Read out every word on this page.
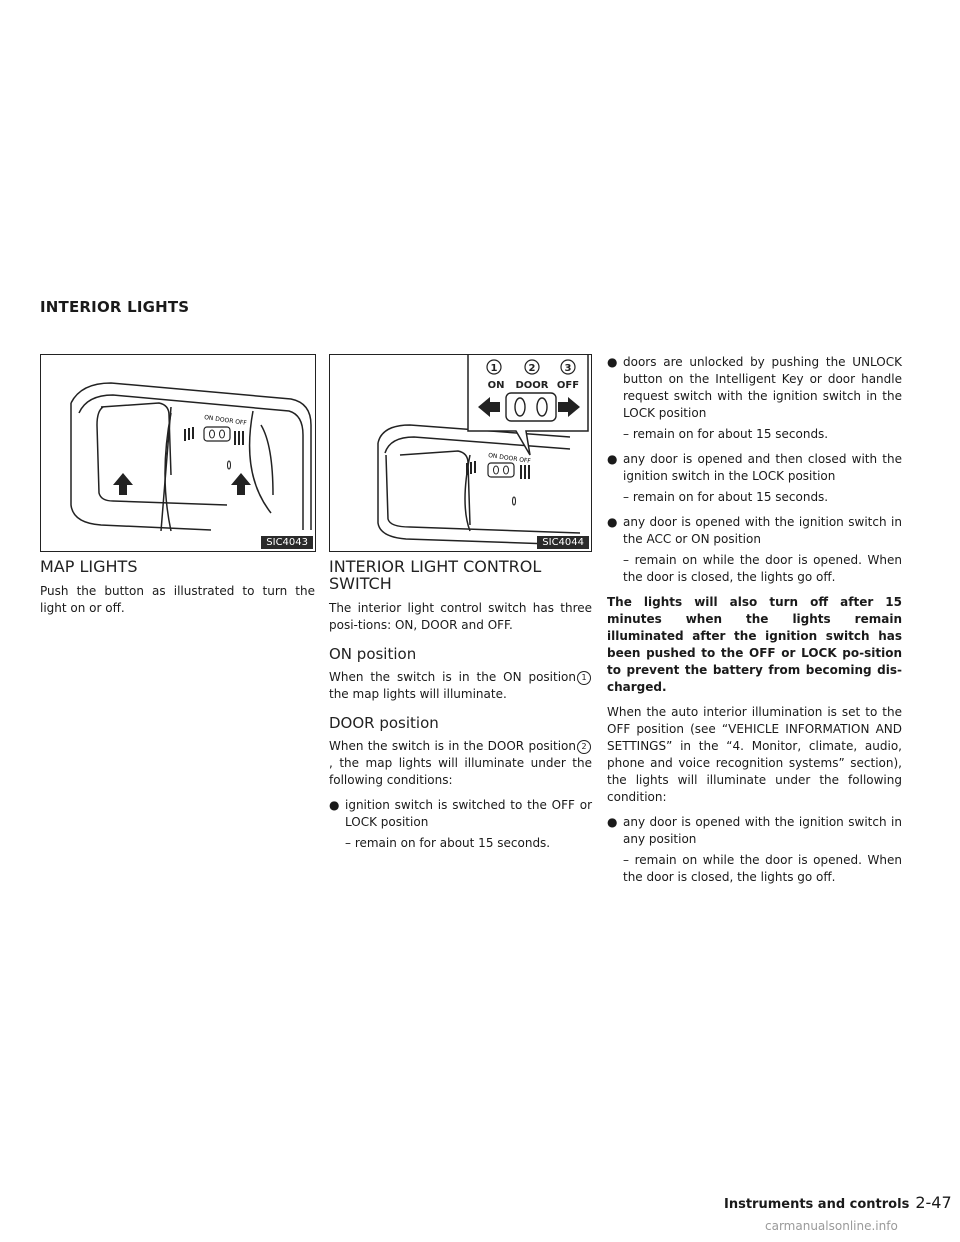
INTERIOR LIGHTS
ON DOOR OFF
SIC4043
ON DOOR OFF
1	2	3
ON DOOR OFF
SIC4044
MAP LIGHTS

Push the button as illustrated to turn the light on or off.

INTERIOR LIGHT CONTROL SWITCH

The interior light control switch has three posi-tions: ON, DOOR and OFF.

ON position

When the switch is in the ON position 1 the map lights will illuminate.

DOOR position

When the switch is in the DOOR position 2, the map lights will illuminate under the following conditions:

● ignition switch is switched to the OFF or LOCK position
– remain on for about 15 seconds.
● doors are unlocked by pushing the UNLOCK button on the Intelligent Key or door handle request switch with the ignition switch in the LOCK position
– remain on for about 15 seconds.
● any door is opened and then closed with the ignition switch in the LOCK position
– remain on for about 15 seconds.
● any door is opened with the ignition switch in the ACC or ON position
– remain on while the door is opened. When the door is closed, the lights go off.

The lights will also turn off after 15 minutes when the lights remain illuminated after the ignition switch has been pushed to the OFF or LOCK po-sition to prevent the battery from becoming dis-charged.

When the auto interior illumination is set to the OFF position (see “VEHICLE INFORMATION AND SETTINGS” in the “4. Monitor, climate, audio, phone and voice recognition systems” section), the lights will illuminate under the following condition:

● any door is opened with the ignition switch in any position
– remain on while the door is opened. When the door is closed, the lights go off.
Instruments and controls 2-47
carmanualsonline.info
